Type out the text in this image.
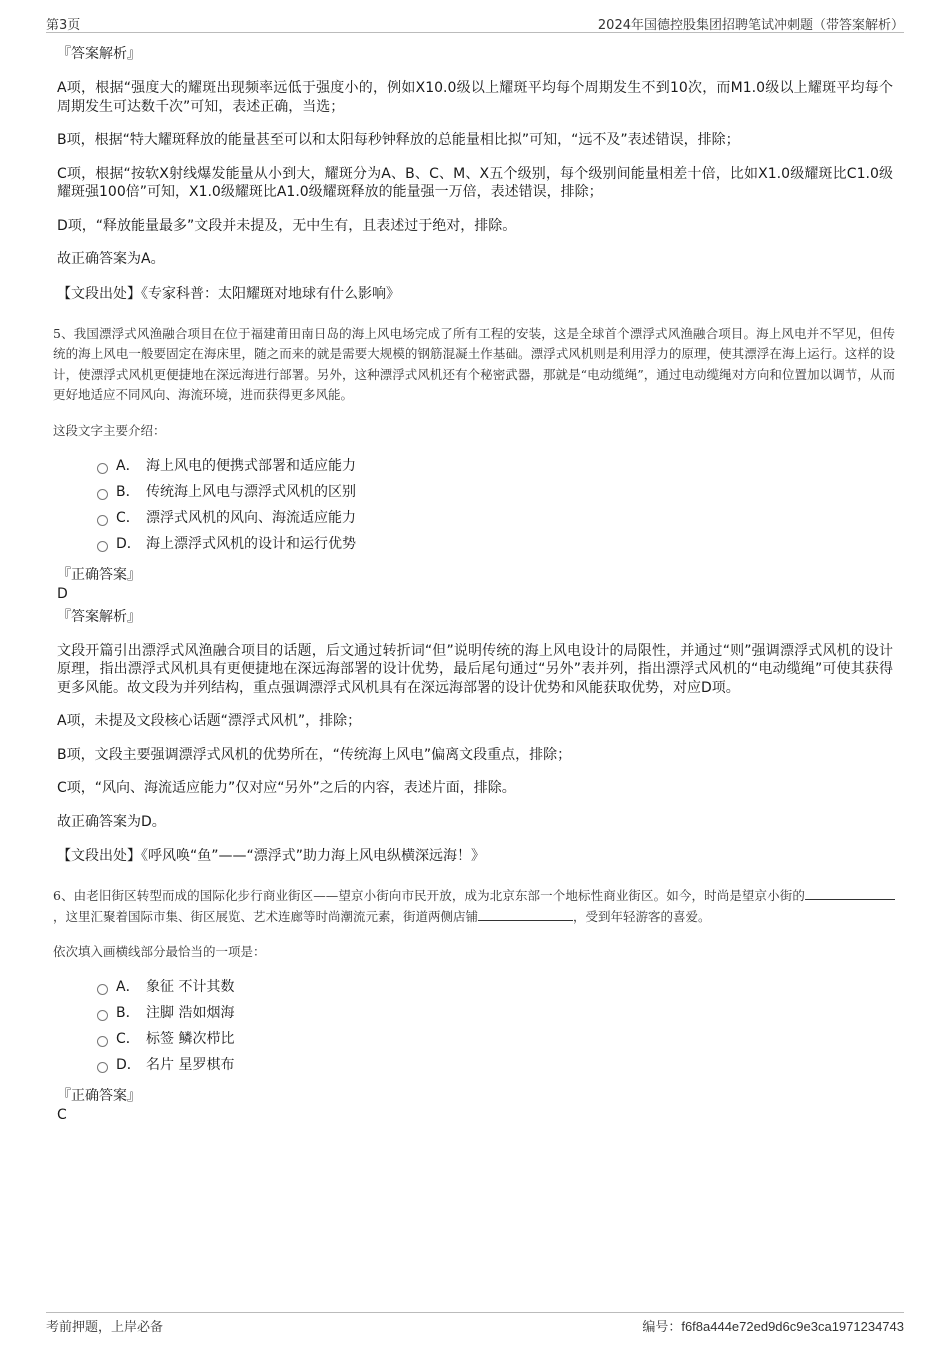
第3页	2024年国德控股集团招聘笔试冲刺题（带答案解析）
『答案解析』
A项，根据“强度大的耀斑出现频率远低于强度小的，例如X10.0级以上耀斑平均每个周期发生不到10次，而M1.0级以上耀斑平均每个周期发生可达数千次”可知，表述正确，当选；
B项，根据“特大耀斑释放的能量甚至可以和太阳每秒钟释放的总能量相比拟”可知，“远不及”表述错误，排除；
C项，根据“按软X射线爆发能量从小到大，耀斑分为A、B、C、M、X五个级别，每个级别间能量相差十倍，比如X1.0级耀斑比C1.0级耀斑强100倍”可知，X1.0级耀斑比A1.0级耀斑释放的能量强一万倍，表述错误，排除；
D项，“释放能量最多”文段并未提及，无中生有，且表述过于绝对，排除。
故正确答案为A。
【文段出处】《专家科普：太阳耀斑对地球有什么影响》
5、我国漂浮式风渔融合项目在位于福建莆田南日岛的海上风电场完成了所有工程的安装，这是全球首个漂浮式风渔融合项目。海上风电并不罕见，但传统的海上风电一般要固定在海床里，随之而来的就是需要大规模的钢筋混凝土作基础。漂浮式风机则是利用浮力的原理，使其漂浮在海上运行。这样的设计，使漂浮式风机更便捷地在深远海进行部署。另外，这种漂浮式风机还有个秘密武器，那就是“电动缆绳”，通过电动缆绳对方向和位置加以调节，从而更好地适应不同风向、海流环境，进而获得更多风能。
这段文字主要介绍：
A． 海上风电的便携式部署和适应能力
B． 传统海上风电与漂浮式风机的区别
C． 漂浮式风机的风向、海流适应能力
D． 海上漂浮式风机的设计和运行优势
『正确答案』
D
『答案解析』
文段开篇引出漂浮式风渔融合项目的话题，后文通过转折词“但”说明传统的海上风电设计的局限性，并通过“则”强调漂浮式风机的设计原理，指出漂浮式风机具有更便捷地在深远海部署的设计优势，最后尾句通过“另外”表并列，指出漂浮式风机的“电动缆绳”可使其获得更多风能。故文段为并列结构，重点强调漂浮式风机具有在深远海部署的设计优势和风能获取优势，对应D项。
A项，未提及文段核心话题“漂浮式风机”，排除；
B项，文段主要强调漂浮式风机的优势所在，“传统海上风电”偏离文段重点，排除；
C项，“风向、海流适应能力”仅对应“另外”之后的内容，表述片面，排除。
故正确答案为D。
【文段出处】《呼风唤“鱼”——“漂浮式”助力海上风电纵横深远海！》
6、由老旧街区转型而成的国际化步行商业街区——望京小街向市民开放，成为北京东部一个地标性商业街区。如今，时尚是望京小街的，这里汇聚着国际市集、街区展览、艺术连廊等时尚潮流元素，街道两侧店铺	，受到年轻游客的喜爱。
依次填入画横线部分最恰当的一项是：
A． 象征 不计其数
B． 注脚 浩如烟海
C． 标签 鳞次栉比
D． 名片 星罗棋布
『正确答案』
C
考前押题，上岸必备	编号：f6f8a444e72ed9d6c9e3ca1971234743
